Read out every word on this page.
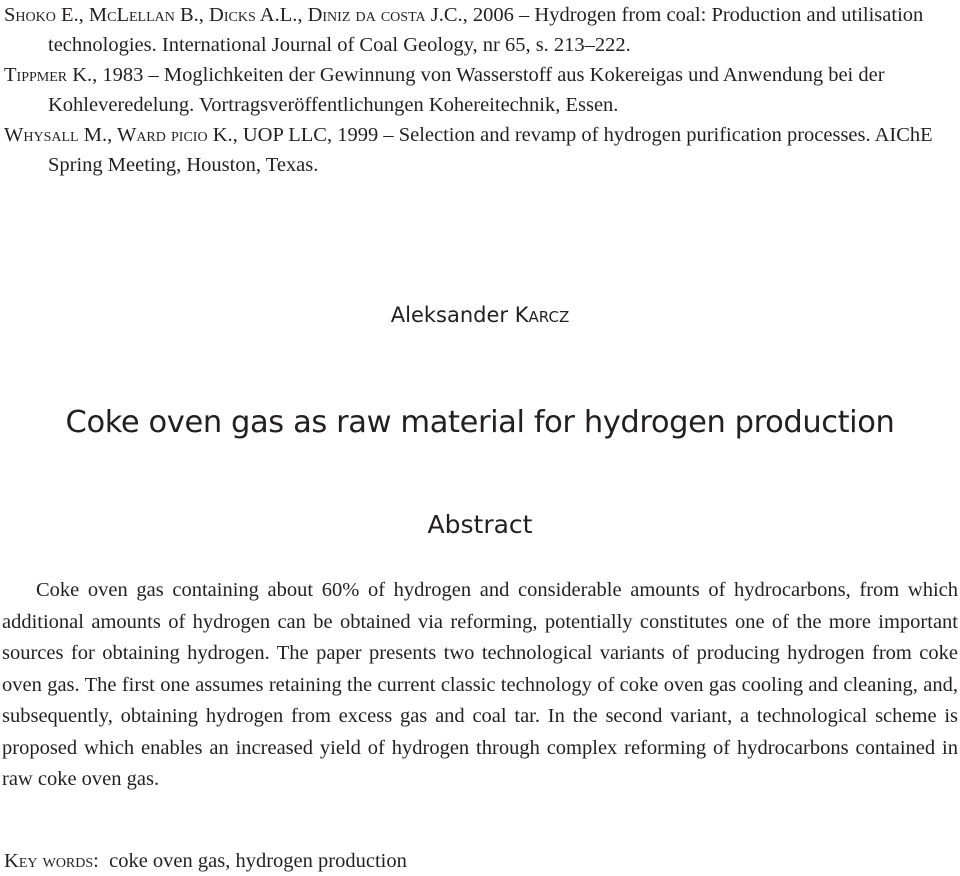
Shoko E., McLellan B., Dicks A.L., Diniz da costa J.C., 2006 – Hydrogen from coal: Production and utilisation technologies. International Journal of Coal Geology, nr 65, s. 213–222.

Tippmer K., 1983 – Moglichkeiten der Gewinnung von Wasserstoff aus Kokereigas und Anwendung bei der Kohleveredelung. Vortragsveröffentlichungen Kohereitechnik, Essen.

Whysall M., Ward picio K., UOP LLC, 1999 – Selection and revamp of hydrogen purification processes. AIChE Spring Meeting, Houston, Texas.

Aleksander Karcz
Coke oven gas as raw material for hydrogen production
Abstract

Coke oven gas containing about 60% of hydrogen and considerable amounts of hydrocarbons, from which additional amounts of hydrogen can be obtained via reforming, potentially constitutes one of the more important sources for obtaining hydrogen. The paper presents two technological variants of producing hydrogen from coke oven gas. The first one assumes retaining the current classic technology of coke oven gas cooling and cleaning, and, subsequently, obtaining hydrogen from excess gas and coal tar. In the second variant, a technological scheme is proposed which enables an increased yield of hydrogen through complex reforming of hydrocarbons contained in raw coke oven gas.

Key words: coke oven gas, hydrogen production
